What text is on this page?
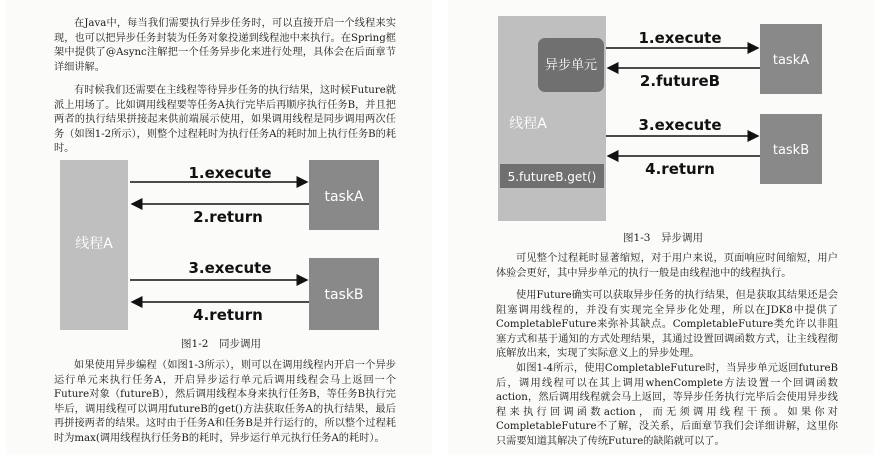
在Java中，每当我们需要执行异步任务时，可以直接开启一个线程来实现，也可以把异步任务封装为任务对象投递到线程池中来执行。在Spring框架中提供了@Async注解把一个任务异步化来进行处理，具体会在后面章节详细讲解。

有时候我们还需要在主线程等待异步任务的执行结果，这时候Future就派上用场了。比如调用线程要等任务A执行完毕后再顺序执行任务B，并且把两者的执行结果拼接起来供前端展示使用，如果调用线程是同步调用两次任务（如图1-2所示），则整个过程耗时为执行任务A的耗时加上执行任务B的耗时。

线程A
taskA
taskB
1.execute
2.return
3.execute
4.return

图1-2　同步调用

如果使用异步编程（如图1-3所示），则可以在调用线程内开启一个异步运行单元来执行任务A，开启异步运行单元后调用线程会马上返回一个Future对象（futureB），然后调用线程本身来执行任务B，等任务B执行完毕后，调用线程可以调用futureB的get()方法获取任务A的执行结果，最后再拼接两者的结果。这时由于任务A和任务B是并行运行的，所以整个过程耗时为max(调用线程执行任务B的耗时，异步运行单元执行任务A的耗时）。

线程A
异步单元
5.futureB.get()
taskA
taskB
1.execute
2.futureB
3.execute
4.return

图1-3　异步调用

可见整个过程耗时显著缩短，对于用户来说，页面响应时间缩短，用户体验会更好，其中异步单元的执行一般是由线程池中的线程执行。

使用Future确实可以获取异步任务的执行结果，但是获取其结果还是会阻塞调用线程的，并没有实现完全异步化处理，所以在JDK8中提供了CompletableFuture来弥补其缺点。CompletableFuture类允许以非阻塞方式和基于通知的方式处理结果，其通过设置回调函数方式，让主线程彻底解放出来，实现了实际意义上的异步处理。

如图1-4所示，使用CompletableFuture时，当异步单元返回futureB后，调用线程可以在其上调用whenComplete方法设置一个回调函数action，然后调用线程就会马上返回，等异步任务执行完毕后会使用异步线程来执行回调函数action，而无须调用线程干预。如果你对CompletableFuture不了解，没关系，后面章节我们会详细讲解，这里你只需要知道其解决了传统Future的缺陷就可以了。
